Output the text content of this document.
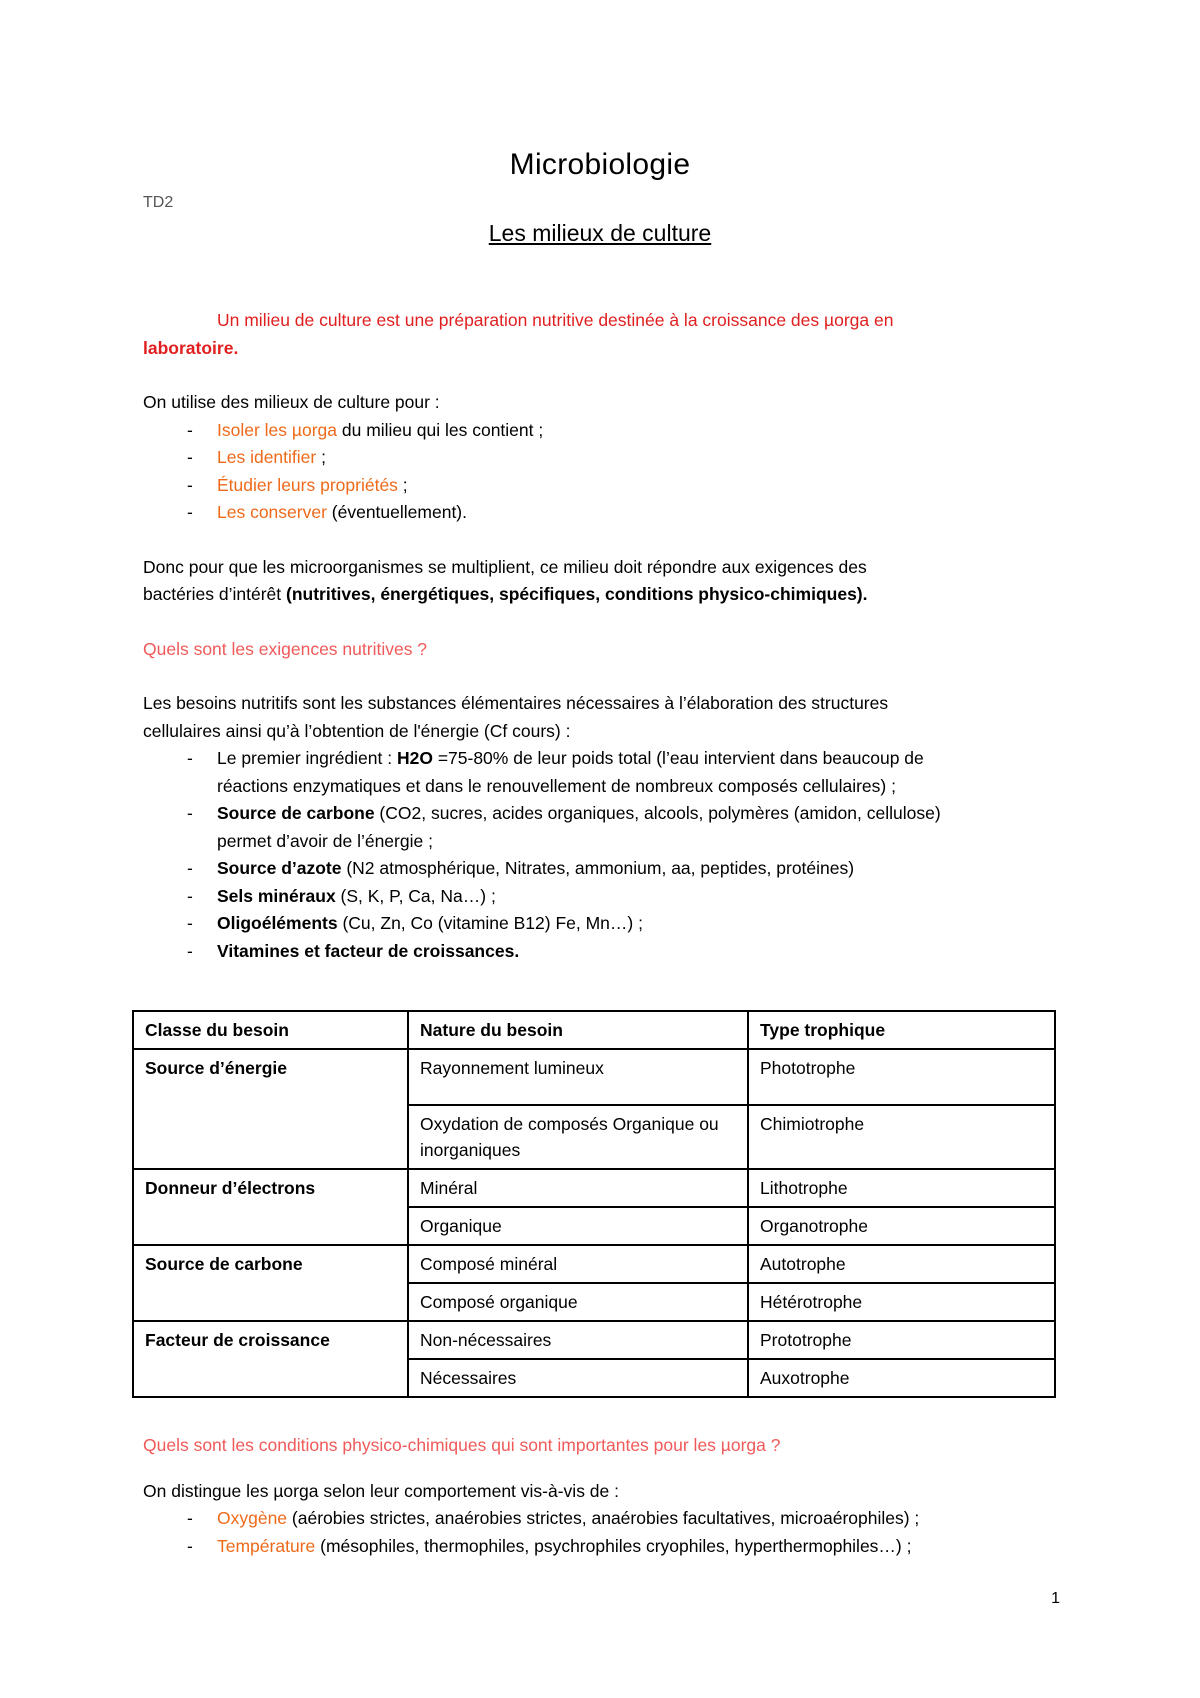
Microbiologie
TD2
Les milieux de culture

Un milieu de culture est une préparation nutritive destinée à la croissance des µorga en

laboratoire.

On utilise des milieux de culture pour :

- Isoler les µorga du milieu qui les contient ;
- Les identifier ;
- Étudier leurs propriétés ;
- Les conserver (éventuellement).

Donc pour que les microorganismes se multiplient, ce milieu doit répondre aux exigences des

bactéries d’intérêt (nutritives, énergétiques, spécifiques, conditions physico-chimiques).

Quels sont les exigences nutritives ?

Les besoins nutritifs sont les substances élémentaires nécessaires à l’élaboration des structures

cellulaires ainsi qu’à l’obtention de l'énergie (Cf cours) :

- Le premier ingrédient : H2O =75-80% de leur poids total (l’eau intervient dans beaucoup de
réactions enzymatiques et dans le renouvellement de nombreux composés cellulaires) ;
- Source de carbone (CO2, sucres, acides organiques, alcools, polymères (amidon, cellulose)
permet d’avoir de l’énergie ;
- Source d’azote (N2 atmosphérique, Nitrates, ammonium, aa, peptides, protéines)
- Sels minéraux (S, K, P, Ca, Na…) ;
- Oligoéléments (Cu, Zn, Co (vitamine B12) Fe, Mn…) ;
- Vitamines et facteur de croissances.
Classe du besoin	Nature du besoin	Type trophique
Source d’énergie	Rayonnement lumineux	Phototrophe
	Oxydation de composés Organique ou inorganiques	Chimiotrophe
Donneur d’électrons	Minéral	Lithotrophe
	Organique	Organotrophe
Source de carbone	Composé minéral	Autotrophe
	Composé organique	Hétérotrophe
Facteur de croissance	Non-nécessaires	Prototrophe
	Nécessaires	Auxotrophe

Quels sont les conditions physico-chimiques qui sont importantes pour les µorga ?

On distingue les µorga selon leur comportement vis-à-vis de :

- Oxygène (aérobies strictes, anaérobies strictes, anaérobies facultatives, microaérophiles) ;
- Température (mésophiles, thermophiles, psychrophiles cryophiles, hyperthermophiles…) ;
1
